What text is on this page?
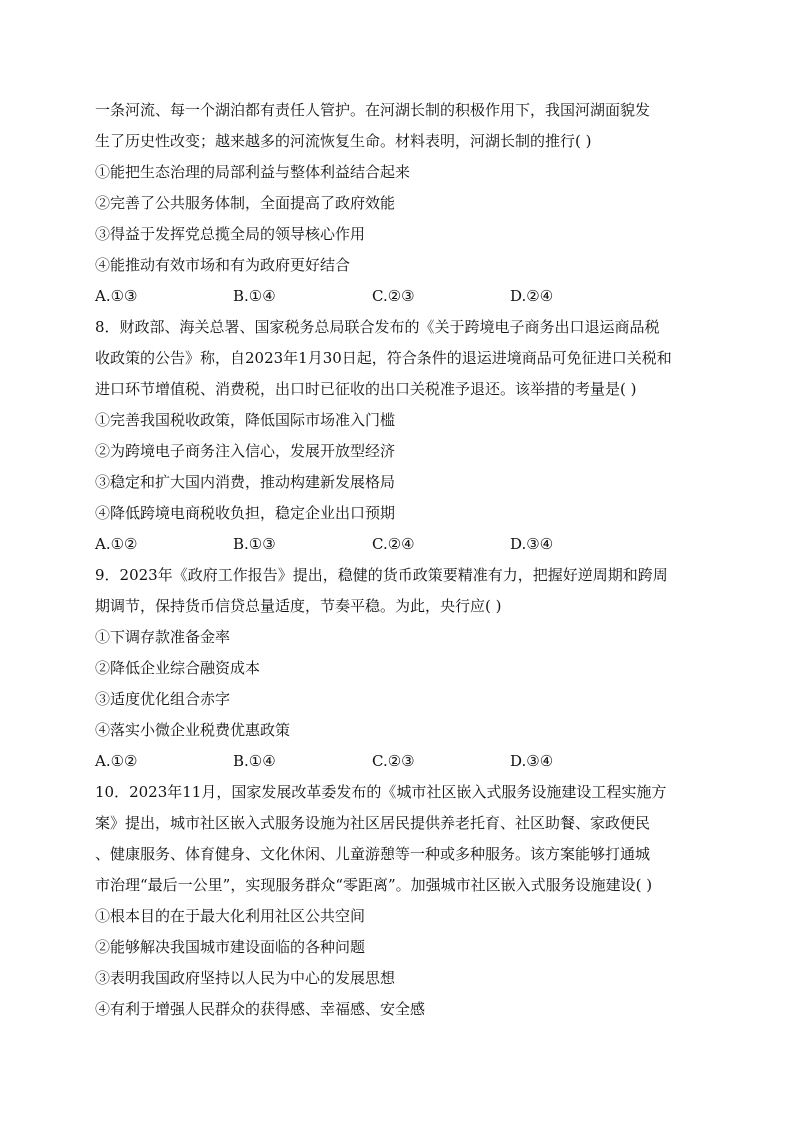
一条河流、每一个湖泊都有责任人管护。在河湖长制的积极作用下，我国河湖面貌发
生了历史性改变；越来越多的河流恢复生命。材料表明，河湖长制的推行( )
①能把生态治理的局部利益与整体利益结合起来
②完善了公共服务体制，全面提高了政府效能
③得益于发挥党总揽全局的领导核心作用
④能推动有效市场和有为政府更好结合
A.①③	B.①④	C.②③	D.②④
8．财政部、海关总署、国家税务总局联合发布的《关于跨境电子商务出口退运商品税
收政策的公告》称，自2023年1月30日起，符合条件的退运进境商品可免征进口关税和
进口环节增值税、消费税，出口时已征收的出口关税准予退还。该举措的考量是( )
①完善我国税收政策，降低国际市场准入门槛
②为跨境电子商务注入信心，发展开放型经济
③稳定和扩大国内消费，推动构建新发展格局
④降低跨境电商税收负担，稳定企业出口预期
A.①②	B.①③	C.②④	D.③④
9．2023年《政府工作报告》提出，稳健的货币政策要精准有力，把握好逆周期和跨周
期调节，保持货币信贷总量适度，节奏平稳。为此，央行应( )
①下调存款准备金率
②降低企业综合融资成本
③适度优化组合赤字
④落实小微企业税费优惠政策
A.①②	B.①④	C.②③	D.③④
10．2023年11月，国家发展改革委发布的《城市社区嵌入式服务设施建设工程实施方
案》提出，城市社区嵌入式服务设施为社区居民提供养老托育、社区助餐、家政便民
、健康服务、体育健身、文化休闲、儿童游憩等一种或多种服务。该方案能够打通城
市治理“最后一公里”，实现服务群众“零距离”。加强城市社区嵌入式服务设施建设( )
①根本目的在于最大化利用社区公共空间
②能够解决我国城市建设面临的各种问题
③表明我国政府坚持以人民为中心的发展思想
④有利于增强人民群众的获得感、幸福感、安全感
